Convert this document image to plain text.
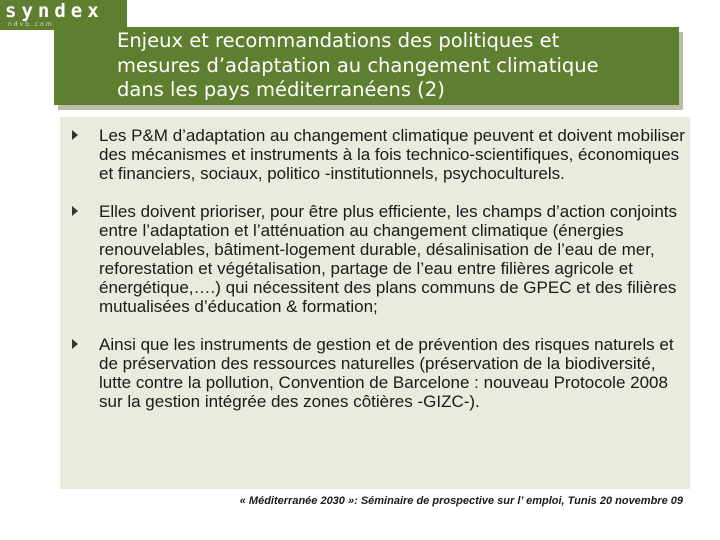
syndex
ndvb.com
Enjeux et recommandations des politiques et
mesures d’adaptation au changement climatique
dans les pays méditerranéens (2)
Les P&M d’adaptation au changement climatique peuvent et doivent mobiliser des mécanismes et instruments à la fois technico-scientifiques, économiques et financiers, sociaux, politico -institutionnels, psychoculturels.
Elles doivent prioriser, pour être plus efficiente, les champs d’action conjoints entre l’adaptation et l’atténuation au changement climatique (énergies renouvelables, bâtiment-logement durable, désalinisation de l’eau de mer, reforestation et végétalisation, partage de l’eau entre filières agricole et énergétique,….) qui nécessitent des plans communs de GPEC et des filières mutualisées d’éducation & formation;
Ainsi que les instruments de gestion et de prévention des risques naturels et de préservation des ressources naturelles (préservation de la biodiversité, lutte contre la pollution, Convention de Barcelone : nouveau Protocole 2008 sur la gestion intégrée des zones côtières -GIZC-).
« Méditerranée 2030 »: Séminaire de prospective sur l’ emploi, Tunis 20 novembre 09
